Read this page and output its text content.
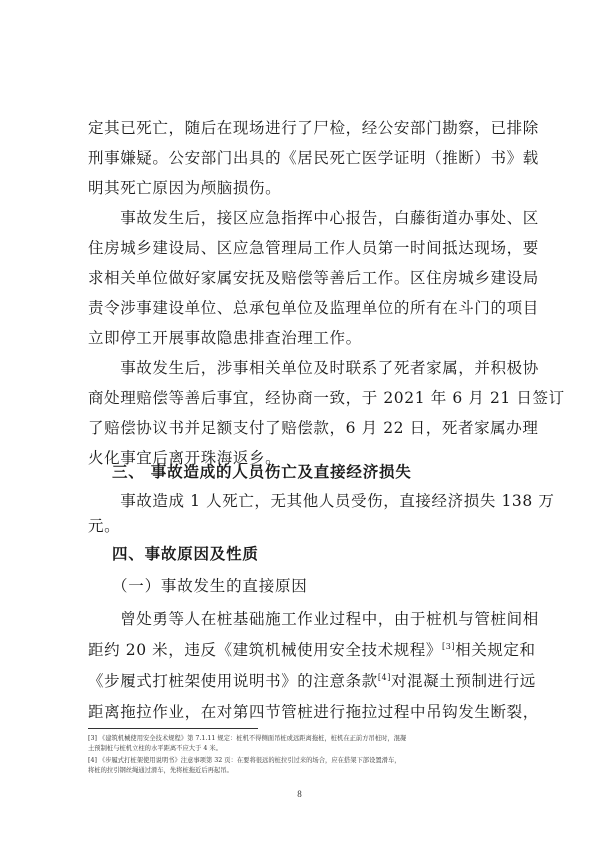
定其已死亡，随后在现场进行了尸检，经公安部门勘察，已排除
刑事嫌疑。公安部门出具的《居民死亡医学证明（推断）书》载
明其死亡原因为颅脑损伤。
　　事故发生后，接区应急指挥中心报告，白藤街道办事处、区
住房城乡建设局、区应急管理局工作人员第一时间抵达现场，要
求相关单位做好家属安抚及赔偿等善后工作。区住房城乡建设局
责令涉事建设单位、总承包单位及监理单位的所有在斗门的项目
立即停工开展事故隐患排查治理工作。
　　事故发生后，涉事相关单位及时联系了死者家属，并积极协
商处理赔偿等善后事宜，经协商一致，于 2021 年 6 月 21 日签订
了赔偿协议书并足额支付了赔偿款，6 月 22 日，死者家属办理
火化事宜后离开珠海返乡。
三、 事故造成的人员伤亡及直接经济损失
　　事故造成 1 人死亡，无其他人员受伤，直接经济损失 138 万
元。
四、事故原因及性质
（一）事故发生的直接原因
　　曾处勇等人在桩基础施工作业过程中，由于桩机与管桩间相
距约 20 米，违反《建筑机械使用安全技术规程》[3]相关规定和
《步履式打桩架使用说明书》的注意条款[4]对混凝土预制进行远
距离拖拉作业，在对第四节管桩进行拖拉过程中吊钩发生断裂，
[3] 《建筑机械使用安全技术规程》第 7.1.11 规定：桩机不得侧面吊桩或远距离拖桩，桩机在正前方吊桩时，混凝
土预制桩与桩机立柱的水平距离不应大于 4 米。
[4] 《步履式打桩架使用说明书》注意事项第 32 页：在要将很远的桩拉引过来的场合，应在搭架下部设置滑车，
将桩的拉引钢丝绳通过滑车，先将桩拖近后再起吊。
8
